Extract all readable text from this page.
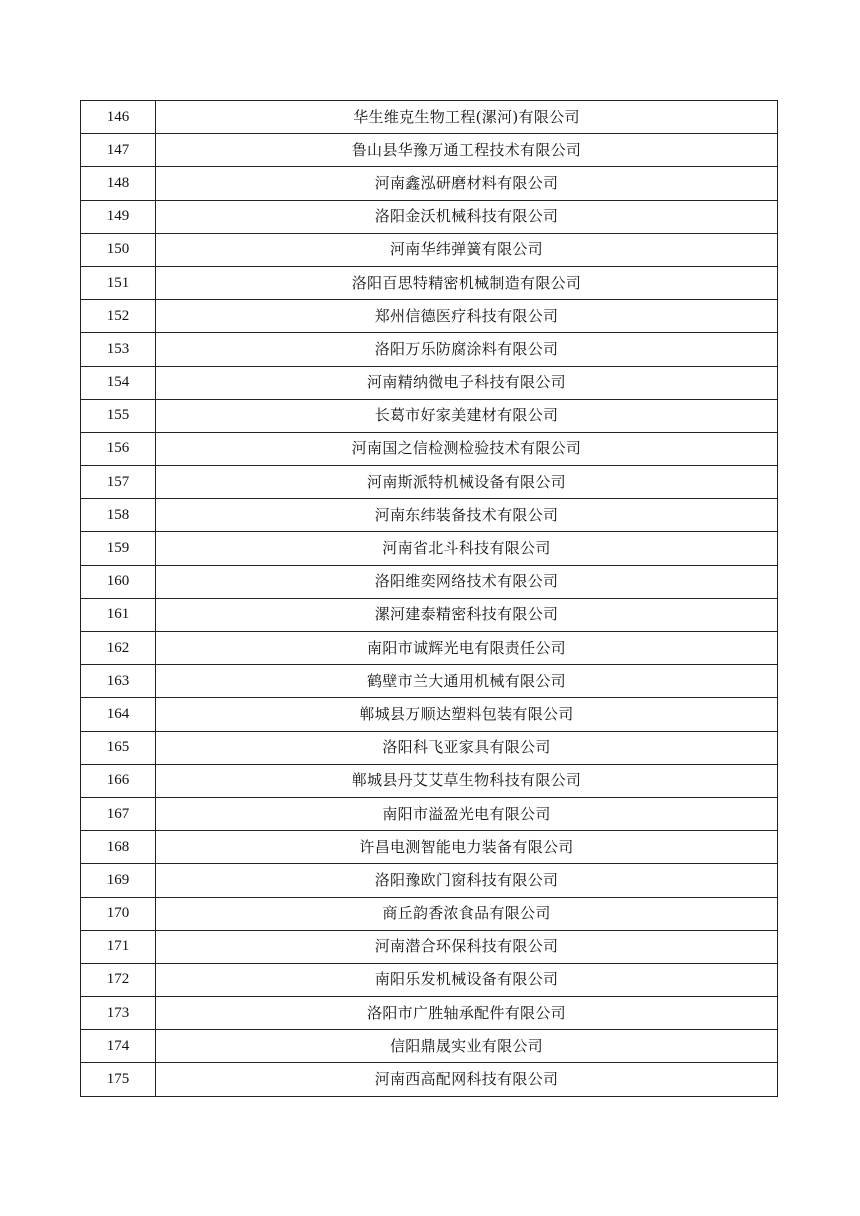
146	华生维克生物工程(漯河)有限公司
147	鲁山县华豫万通工程技术有限公司
148	河南鑫泓研磨材料有限公司
149	洛阳金沃机械科技有限公司
150	河南华纬弹簧有限公司
151	洛阳百思特精密机械制造有限公司
152	郑州信德医疗科技有限公司
153	洛阳万乐防腐涂料有限公司
154	河南精纳微电子科技有限公司
155	长葛市好家美建材有限公司
156	河南国之信检测检验技术有限公司
157	河南斯派特机械设备有限公司
158	河南东纬装备技术有限公司
159	河南省北斗科技有限公司
160	洛阳维奕网络技术有限公司
161	漯河建泰精密科技有限公司
162	南阳市诚辉光电有限责任公司
163	鹤壁市兰大通用机械有限公司
164	郸城县万顺达塑料包装有限公司
165	洛阳科飞亚家具有限公司
166	郸城县丹艾艾草生物科技有限公司
167	南阳市溢盈光电有限公司
168	许昌电测智能电力装备有限公司
169	洛阳豫欧门窗科技有限公司
170	商丘韵香浓食品有限公司
171	河南潜合环保科技有限公司
172	南阳乐发机械设备有限公司
173	洛阳市广胜轴承配件有限公司
174	信阳鼎晟实业有限公司
175	河南西高配网科技有限公司
